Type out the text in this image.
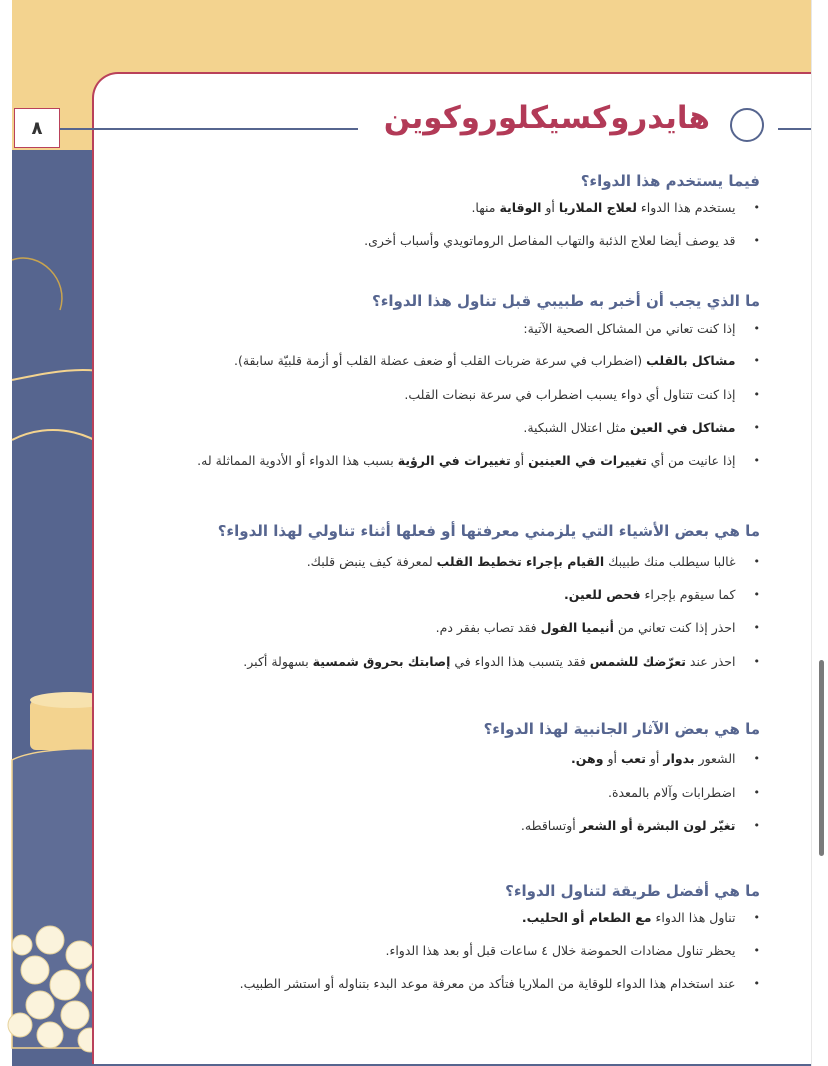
٨	هايدروكسيكلوروكوين
فيما يستخدم هذا الدواء؟
•
يستخدم هذا الدواء لعلاج الملاريا أو الوقاية منها.
•
قد يوصف أيضا لعلاج الذئبة والتهاب المفاصل الروماتويدي وأسباب أخرى.
ما الذي يجب أن أخبر به طبيبي قبل تناول هذا الدواء؟
•
إذا كنت تعاني من المشاكل الصحية الآتية:
•
مشاكل بالقلب (اضطراب في سرعة ضربات القلب أو ضعف عضلة القلب أو أزمة قلبيّة سابقة).
•
إذا كنت تتناول أي دواء يسبب اضطراب في سرعة نبضات القلب.
•
مشاكل في العين مثل اعتلال الشبكية.
•
إذا عانيت من أي تغييرات في العينين أو تغييرات في الرؤية بسبب هذا الدواء أو الأدوية المماثلة له.
ما هي بعض الأشياء التي يلزمني معرفتها أو فعلها أثناء تناولي لهذا الدواء؟
•
غالبا سيطلب منك طبيبك القيام بإجراء تخطيط القلب لمعرفة كيف ينبض قلبك.
•
كما سيقوم بإجراء فحص للعين.
•
احذر إذا كنت تعاني من أنيميا الفول فقد تصاب بفقر دم.
•
احذر عند تعرّضك للشمس فقد يتسبب هذا الدواء في إصابتك بحروق شمسية بسهولة أكبر.
ما هي بعض الآثار الجانبية لهذا الدواء؟
•
الشعور بدوار أو تعب أو وهن.
•
اضطرابات وآلام بالمعدة.
•
تغيّر لون البشرة أو الشعر أوتساقطه.
ما هي أفضل طريقة لتناول الدواء؟
•
تناول هذا الدواء مع الطعام أو الحليب.
•
يحظر تناول مضادات الحموضة خلال ٤ ساعات قبل أو بعد هذا الدواء.
•
عند استخدام هذا الدواء للوقاية من الملاريا فتأكد من معرفة موعد البدء بتناوله أو استشر الطبيب.
